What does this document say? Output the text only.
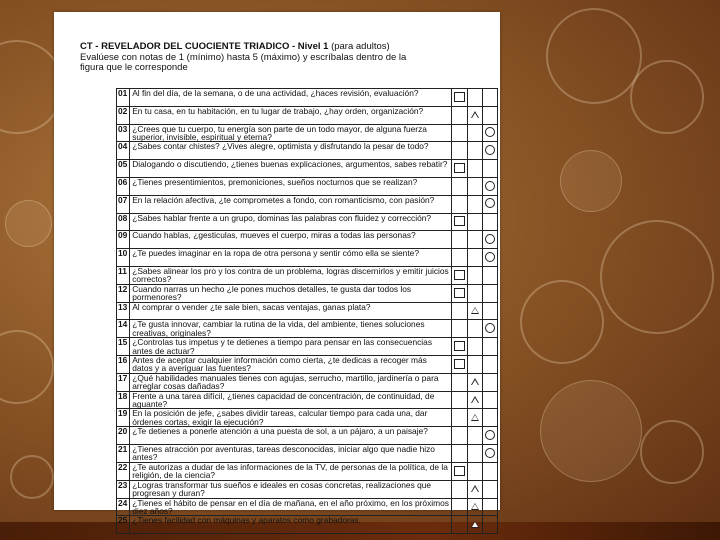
CT - REVELADOR DEL CUOCIENTE TRIADICO - Nivel 1 (para adultos)
Evalúese con notas de 1 (mínimo) hasta 5 (máximo) y escríbalas dentro de la
figura que le corresponde
01	Al fin del día, de la semana, o de una actividad, ¿haces revisión, evaluación?			
02	En tu casa, en tu habitación, en tu lugar de trabajo, ¿hay orden, organización?			
03	¿Crees que tu cuerpo, tu energía son parte de un todo mayor, de alguna fuerza superior, invisible, espiritual y eterna?			
04	¿Sabes contar chistes? ¿Vives alegre, optimista y disfrutando la pesar de todo?			
05	Dialogando o discutiendo, ¿tienes buenas explicaciones, argumentos, sabes rebatir?			
06	¿Tienes presentimientos, premoniciones, sueños nocturnos que se realizan?			
07	En la relación afectiva, ¿te comprometes a fondo, con romanticismo, con pasión?			
08	¿Sabes hablar frente a un grupo, dominas las palabras con fluidez y corrección?			
09	Cuando hablas, ¿gesticulas, mueves el cuerpo, miras a todas las personas?			
10	¿Te puedes imaginar en la ropa de otra persona y sentir cómo ella se siente?			
11	¿Sabes alinear los pro y los contra de un problema, logras discernirlos y emitir juicios correctos?			
12	Cuando narras un hecho ¿le pones muchos detalles, te gusta dar todos los pormenores?			
13	Al comprar o vender ¿te sale bien, sacas ventajas, ganas plata?			
14	¿Te gusta innovar, cambiar la rutina de la vida, del ambiente, tienes soluciones creativas, originales?			
15	¿Controlas tus impetus y te detienes a tiempo para pensar en las consecuencias antes de actuar?			
16	Antes de aceptar cualquier información como cierta, ¿te dedicas a recoger más datos y a averiguar las fuentes?			
17	¿Qué habilidades manuales tienes con agujas, serrucho, martillo, jardinería o para arreglar cosas dañadas?			
18	Frente a una tarea difícil, ¿tienes capacidad de concentración, de continuidad, de aguante?			
19	En la posición de jefe, ¿sabes dividir tareas, calcular tiempo para cada una, dar órdenes cortas, exigir la ejecución?			
20	¿Te detienes a ponerle atención a una puesta de sol, a un pájaro, a un paisaje?			
21	¿Tienes atracción por aventuras, tareas desconocidas, iniciar algo que nadie hizo antes?			
22	¿Te autorizas a dudar de las informaciones de la TV, de personas de la política, de la religión, de la ciencia?			
23	¿Logras transformar tus sueños e ideales en cosas concretas, realizaciones que progresan y duran?			
24	¿Tienes el hábito de pensar en el día de mañana, en el año próximo, en los próximos diez años?			
25	¿Tienes facilidad con máquinas y aparatos como grabadoras,			
